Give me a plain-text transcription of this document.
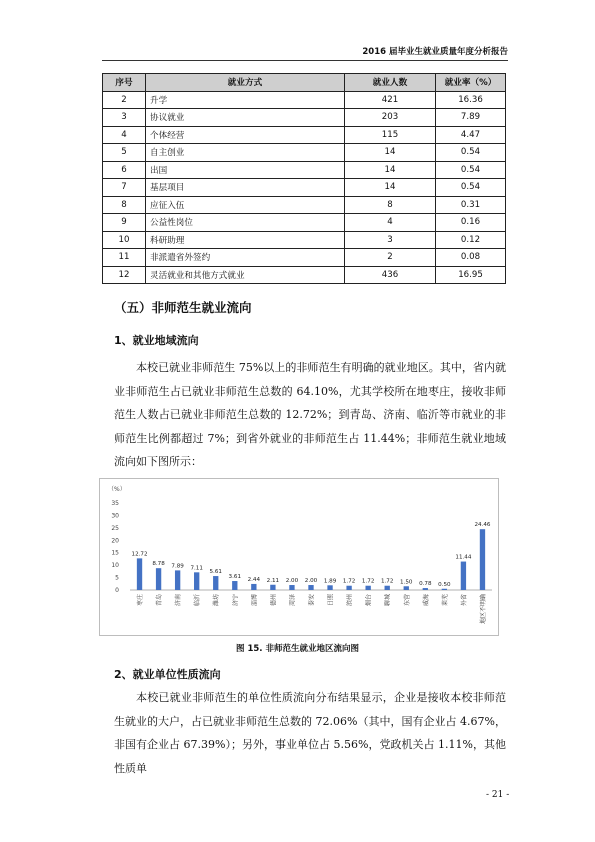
2016 届毕业生就业质量年度分析报告
序号	就业方式	就业人数	就业率（%）
2	升学	421	16.36
3	协议就业	203	7.89
4	个体经营	115	4.47
5	自主创业	14	0.54
6	出国	14	0.54
7	基层项目	14	0.54
8	应征入伍	8	0.31
9	公益性岗位	4	0.16
10	科研助理	3	0.12
11	非派遣省外签约	2	0.08
12	灵活就业和其他方式就业	436	16.95
（五）非师范生就业流向
1、就业地域流向

本校已就业非师范生 75%以上的非师范生有明确的就业地区。其中，省内就业非师范生占已就业非师范生总数的 64.10%，尤其学校所在地枣庄，接收非师范生人数占已就业非师范生总数的 12.72%；到青岛、济南、临沂等市就业的非师范生比例都超过 7%；到省外就业的非师范生占 11.44%；非师范生就业地域流向如下图所示：

（%）
0
5
10
15
20
25
30
35
12.72
枣庄
8.78
青岛
7.89
济南
7.11
临沂
5.61
潍坊
3.61
济宁
2.44
淄博
2.11
德州
2.00
菏泽
2.00
泰安
1.89
日照
1.72
滨州
1.72
烟台
1.72
聊城
1.50
东营
0.78
威海
0.50
莱芜
11.44
外省
24.46
地区不明确
图 15. 非师范生就业地区流向图
2、就业单位性质流向

本校已就业非师范生的单位性质流向分布结果显示，企业是接收本校非师范生就业的大户，占已就业非师范生总数的 72.06%（其中，国有企业占 4.67%，非国有企业占 67.39%）；另外，事业单位占 5.56%，党政机关占 1.11%，其他性质单

- 21 -
